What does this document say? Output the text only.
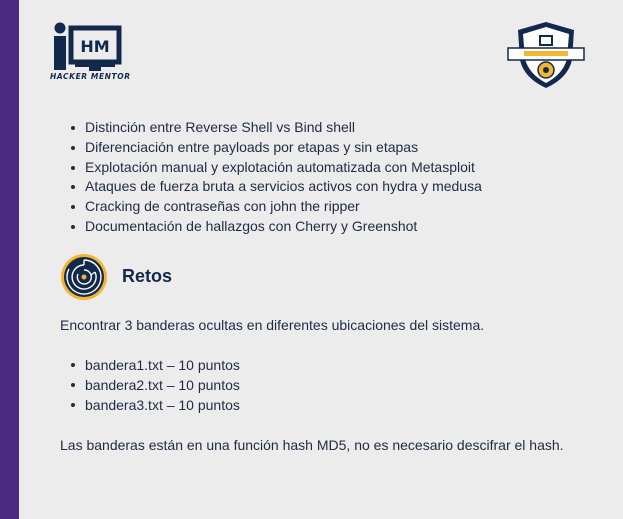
HM
HACKER MENTOR
Distinción entre Reverse Shell vs Bind shell
Diferenciación entre payloads por etapas y sin etapas
Explotación manual y explotación automatizada con Metasploit
Ataques de fuerza bruta a servicios activos con hydra y medusa
Cracking de contraseñas con john the ripper
Documentación de hallazgos con Cherry y Greenshot
Retos
Encontrar 3 banderas ocultas en diferentes ubicaciones del sistema.
bandera1.txt – 10 puntos
bandera2.txt – 10 puntos
bandera3.txt – 10 puntos
Las banderas están en una función hash MD5, no es necesario descifrar el hash.
